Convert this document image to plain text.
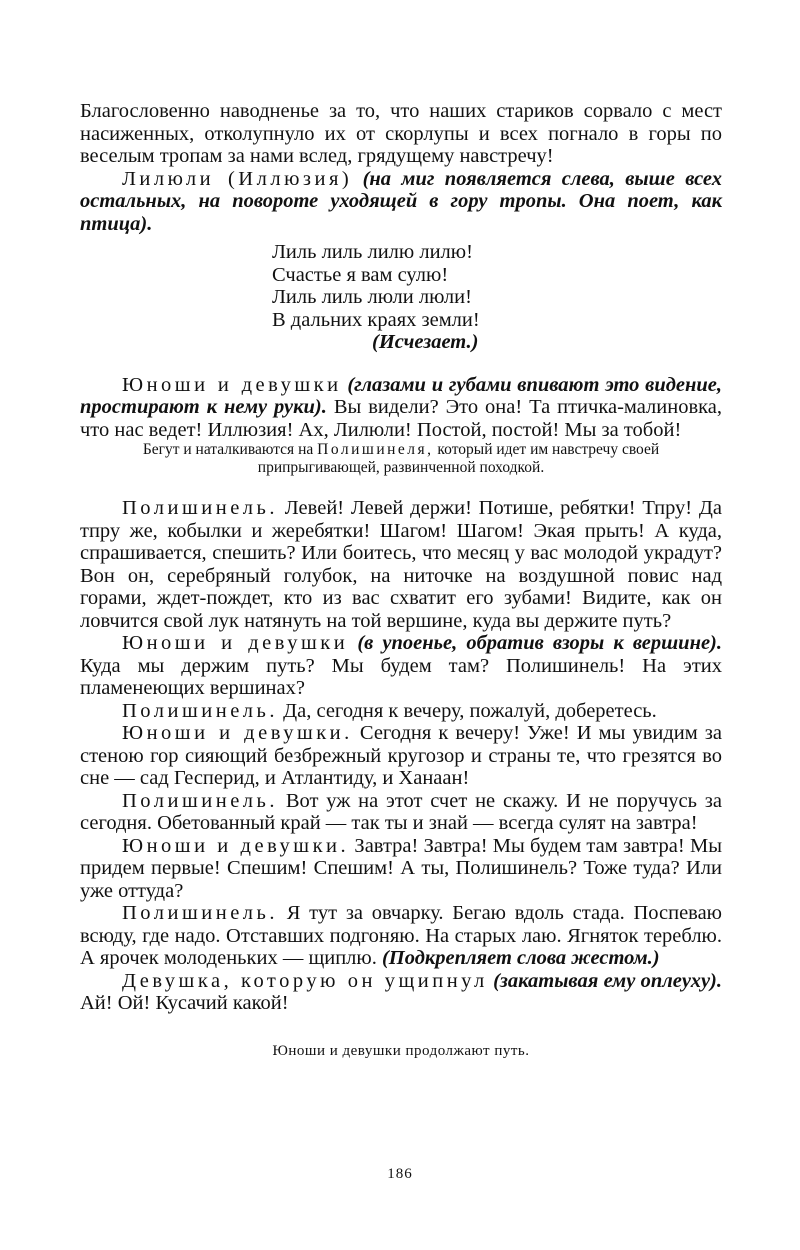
Благословенно наводненье за то, что наших стариков сорвало с мест насиженных, отколупнуло их от скорлупы и всех погнало в горы по веселым тропам за нами вслед, грядущему навстречу!

Лилюли (Иллюзия) (на миг появляется слева, выше всех остальных, на повороте уходящей в гору тропы. Она поет, как птица).

Лиль лиль лилю лилю!
Счастье я вам сулю!
Лиль лиль люли люли!
В дальних краях земли!
(Исчезает.)

Юноши и девушки (глазами и губами впивают это видение, простирают к нему руки). Вы видели? Это она! Та птичка-малиновка, что нас ведет! Иллюзия! Ах, Лилюли! Постой, постой! Мы за тобой!

Бегут и наталкиваются на Полишинеля, который идет им навстречу своей припрыгивающей, развинченной походкой.

Полишинель. Левей! Левей держи! Потише, ребятки! Тпру! Да тпру же, кобылки и жеребятки! Шагом! Шагом! Экая прыть! А куда, спрашивается, спешить? Или боитесь, что месяц у вас молодой украдут? Вон он, серебряный голубок, на ниточке на воздушной повис над горами, ждет-пождет, кто из вас схватит его зубами! Видите, как он ловчится свой лук натянуть на той вершине, куда вы держите путь?

Юноши и девушки (в упоенье, обратив взоры к вершине). Куда мы держим путь? Мы будем там? Полишинель! На этих пламенеющих вершинах?

Полишинель. Да, сегодня к вечеру, пожалуй, доберетесь.

Юноши и девушки. Сегодня к вечеру! Уже! И мы увидим за стеною гор сияющий безбрежный кругозор и страны те, что грезятся во сне — сад Гесперид, и Атлантиду, и Ханаан!

Полишинель. Вот уж на этот счет не скажу. И не поручусь за сегодня. Обетованный край — так ты и знай — всегда сулят на завтра!

Юноши и девушки. Завтра! Завтра! Мы будем там завтра! Мы придем первые! Спешим! Спешим! А ты, Полишинель? Тоже туда? Или уже оттуда?

Полишинель. Я тут за овчарку. Бегаю вдоль стада. Поспеваю всюду, где надо. Отставших подгоняю. На старых лаю. Ягняток тереблю. А ярочек молоденьких — щиплю. (Подкрепляет слова жестом.)

Девушка, которую он ущипнул (закатывая ему оплеуху). Ай! Ой! Кусачий какой!

Юноши и девушки продолжают путь.
186
